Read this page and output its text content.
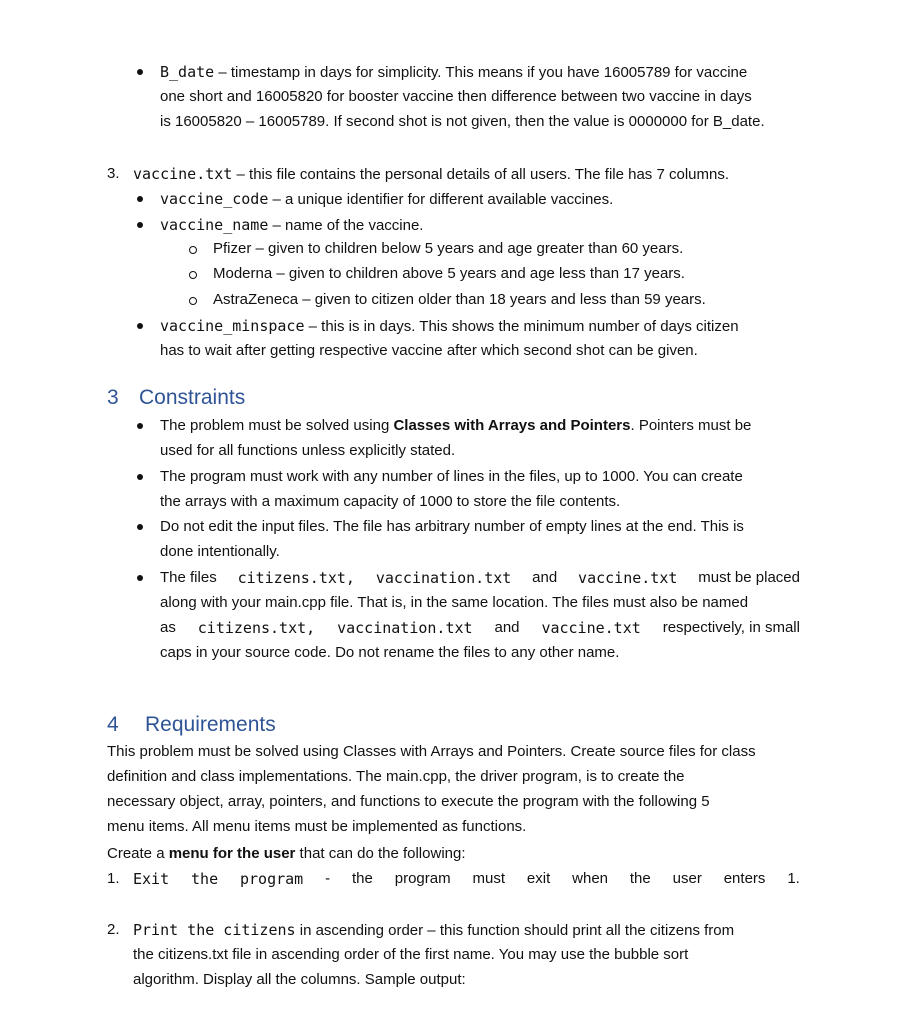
B_date – timestamp in days for simplicity. This means if you have 16005789 for vaccine
one short and 16005820 for booster vaccine then difference between two vaccine in days
is 16005820 – 16005789. If second shot is not given, then the value is 0000000 for B_date.
3. vaccine.txt – this file contains the personal details of all users. The file has 7 columns.
vaccine_code – a unique identifier for different available vaccines.
vaccine_name – name of the vaccine.
Pfizer – given to children below 5 years and age greater than 60 years.
Moderna – given to children above 5 years and age less than 17 years.
AstraZeneca – given to citizen older than 18 years and less than 59 years.
vaccine_minspace – this is in days. This shows the minimum number of days citizen
has to wait after getting respective vaccine after which second shot can be given.
3 Constraints
The problem must be solved using Classes with Arrays and Pointers. Pointers must be
used for all functions unless explicitly stated.
The program must work with any number of lines in the files, up to 1000. You can create
the arrays with a maximum capacity of 1000 to store the file contents.
Do not edit the input files. The file has arbitrary number of empty lines at the end. This is
done intentionally.
The files citizens.txt, vaccination.txt and vaccine.txt must be placed
along with your main.cpp file. That is, in the same location. The files must also be named
as citizens.txt, vaccination.txt and vaccine.txt respectively, in small
caps in your source code. Do not rename the files to any other name.
4 Requirements
This problem must be solved using Classes with Arrays and Pointers. Create source files for class
definition and class implementations. The main.cpp, the driver program, is to create the
necessary object, array, pointers, and functions to execute the program with the following 5
menu items. All menu items must be implemented as functions.
Create a menu for the user that can do the following:
1. Exit the program - the program must exit when the user enters 1.
2. Print the citizens in ascending order – this function should print all the citizens from
the citizens.txt file in ascending order of the first name. You may use the bubble sort
algorithm. Display all the columns. Sample output:
